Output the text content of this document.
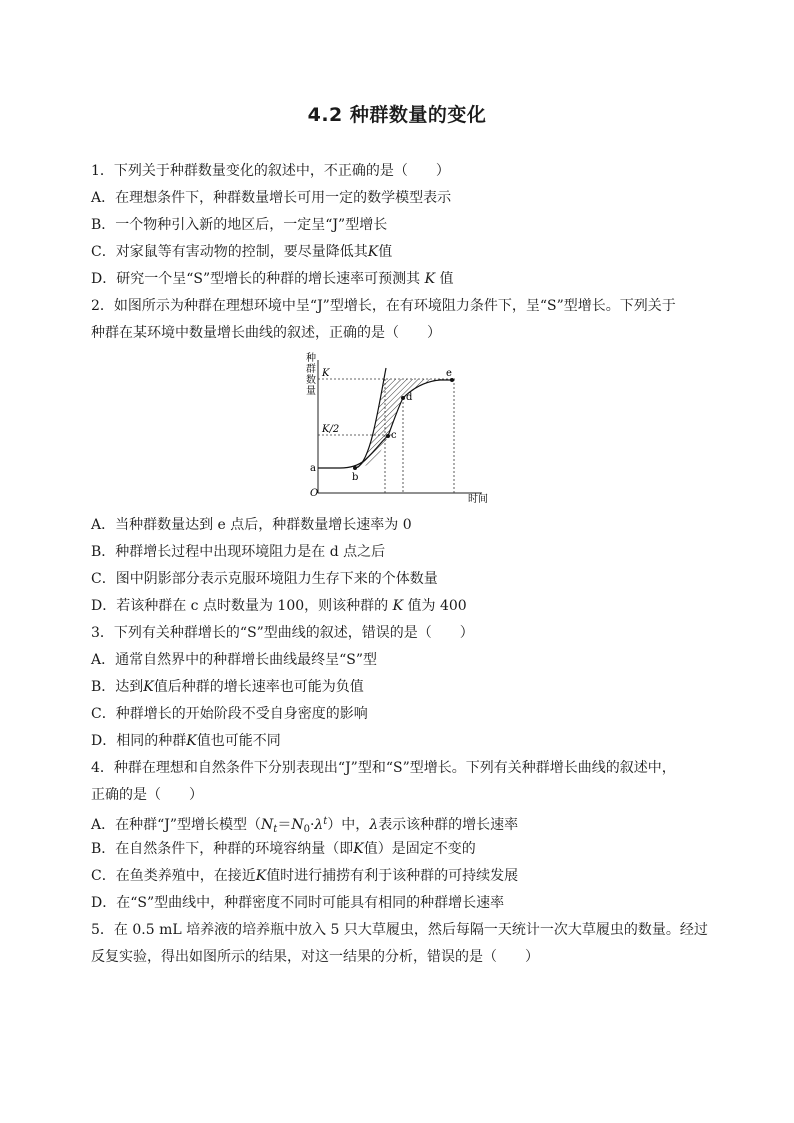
4.2 种群数量的变化
1．下列关于种群数量变化的叙述中，不正确的是（　　）
A．在理想条件下，种群数量增长可用一定的数学模型表示
B．一个物种引入新的地区后，一定呈“J”型增长
C．对家鼠等有害动物的控制，要尽量降低其K值
D．研究一个呈“S”型增长的种群的增长速率可预测其 K 值
2．如图所示为种群在理想环境中呈“J”型增长，在有环境阻力条件下，呈“S”型增长。下列关于
种群在某环境中数量增长曲线的叙述，正确的是（　　）
种
群
数
量
K
K/2
a
b
c
d
e
O
时间
A．当种群数量达到 e 点后，种群数量增长速率为 0
B．种群增长过程中出现环境阻力是在 d 点之后
C．图中阴影部分表示克服环境阻力生存下来的个体数量
D．若该种群在 c 点时数量为 100，则该种群的 K 值为 400
3．下列有关种群增长的“S”型曲线的叙述，错误的是（　　）
A．通常自然界中的种群增长曲线最终呈“S”型
B．达到K值后种群的增长速率也可能为负值
C．种群增长的开始阶段不受自身密度的影响
D．相同的种群K值也可能不同
4．种群在理想和自然条件下分别表现出“J”型和“S”型增长。下列有关种群增长曲线的叙述中，
正确的是（　　）
A．在种群“J”型增长模型$(N_t=N_0\cdot\lambda^t)$中，λ表示该种群的增长速率
B．在自然条件下，种群的环境容纳量（即K值）是固定不变的
C．在鱼类养殖中，在接近K值时进行捕捞有利于该种群的可持续发展
D．在“S”型曲线中，种群密度不同时可能具有相同的种群增长速率
5．在 0.5 mL 培养液的培养瓶中放入 5 只大草履虫，然后每隔一天统计一次大草履虫的数量。经过
反复实验，得出如图所示的结果，对这一结果的分析，错误的是（　　）
